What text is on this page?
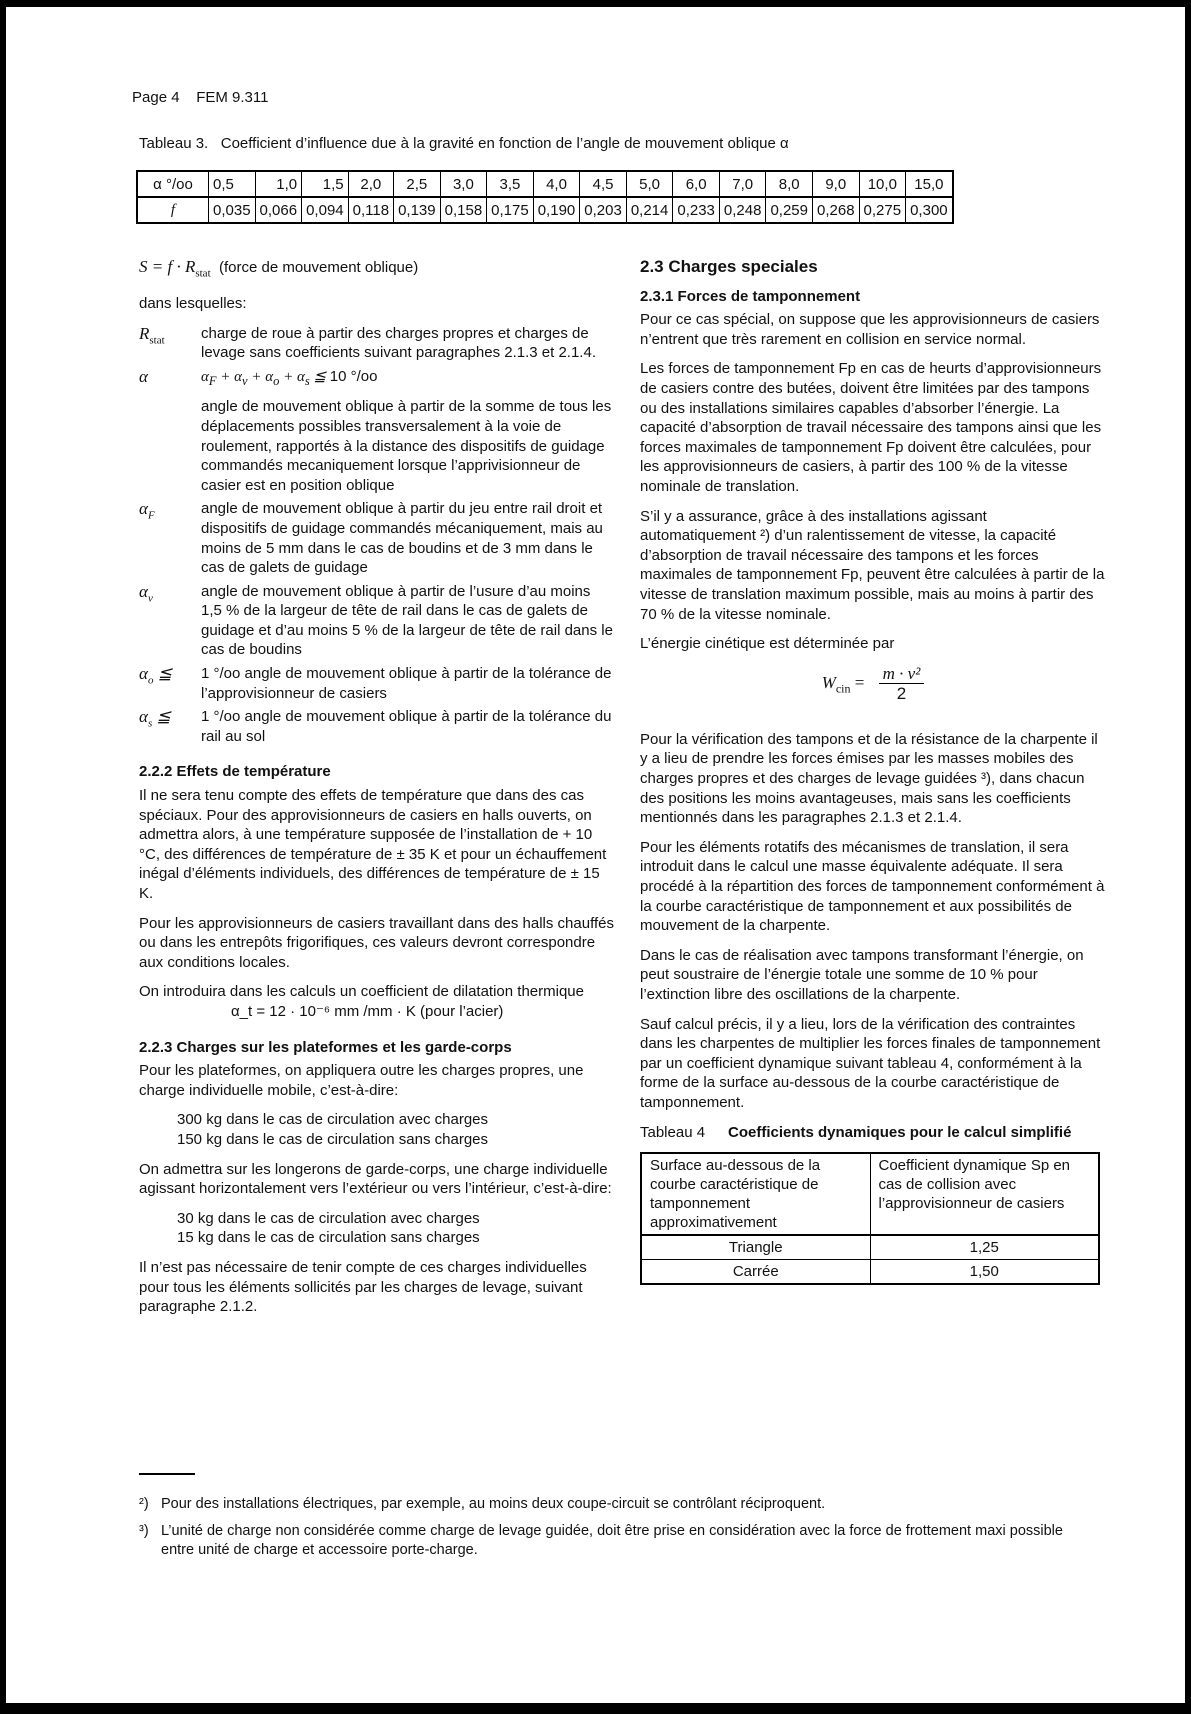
Page 4 FEM 9.311
Tableau 3. Coefficient d’influence due à la gravité en fonction de l’angle de mouvement oblique α
α °/oo	0,5	1,0	1,5	2,0	2,5	3,0	3,5	4,0	4,5	5,0	6,0	7,0	8,0	9,0	10,0	15,0
f	0,035	0,066	0,094	0,118	0,139	0,158	0,175	0,190	0,203	0,214	0,233	0,248	0,259	0,268	0,275	0,300

$S = f \cdot R_{stat}$ (force de mouvement oblique)

dans lesquelles:

$R_{stat}$	charge de roue à partir des charges propres et charges de levage sans coefficients suivant paragraphes 2.1.3 et 2.1.4.
α	$\alpha_F + \alpha_v + \alpha_o + \alpha_s$ ≦ 10 °/oo
angle de mouvement oblique à partir de la somme de tous les déplacements possibles transversalement à la voie de roulement, rapportés à la distance des dispositifs de guidage commandés mecaniquement lorsque l’apprivisionneur de casier est en position oblique
$\alpha_F$	angle de mouvement oblique à partir du jeu entre rail droit et dispositifs de guidage commandés mécaniquement, mais au moins de 5 mm dans le cas de boudins et de 3 mm dans le cas de galets de guidage
$\alpha_v$	angle de mouvement oblique à partir de l’usure d’au moins 1,5 % de la largeur de tête de rail dans le cas de galets de guidage et d’au moins 5 % de la largeur de tête de rail dans le cas de boudins
$\alpha_o$ ≦	1 °/oo angle de mouvement oblique à partir de la tolérance de l’approvisionneur de casiers
$\alpha_s$ ≦	1 °/oo angle de mouvement oblique à partir de la tolérance du rail au sol
2.2.2 Effets de température

Il ne sera tenu compte des effets de température que dans des cas spéciaux. Pour des approvisionneurs de casiers en halls ouverts, on admettra alors, à une température supposée de l’installation de + 10 °C, des différences de température de ± 35 K et pour un échauffement inégal d’éléments individuels, des différences de température de ± 15 K.

Pour les approvisionneurs de casiers travaillant dans des halls chauffés ou dans les entrepôts frigorifiques, ces valeurs devront correspondre aux conditions locales.

On introduira dans les calculs un coefficient de dilatation thermique

α_t = 12 · 10⁻⁶ mm /mm · K (pour l’acier)

2.2.3 Charges sur les plateformes et les garde-corps

Pour les plateformes, on appliquera outre les charges propres, une charge individuelle mobile, c’est-à-dire:

300 kg dans le cas de circulation avec charges
150 kg dans le cas de circulation sans charges

On admettra sur les longerons de garde-corps, une charge individuelle agissant horizontalement vers l’extérieur ou vers l’intérieur, c’est-à-dire:

30 kg dans le cas de circulation avec charges
15 kg dans le cas de circulation sans charges

Il n’est pas nécessaire de tenir compte de ces charges individuelles pour tous les éléments sollicités par les charges de levage, suivant paragraphe 2.1.2.

2.3 Charges speciales
2.3.1 Forces de tamponnement

Pour ce cas spécial, on suppose que les approvisionneurs de casiers n’entrent que très rarement en collision en service normal.

Les forces de tamponnement Fp en cas de heurts d’approvisionneurs de casiers contre des butées, doivent être limitées par des tampons ou des installations similaires capables d’absorber l’énergie. La capacité d’absorption de travail nécessaire des tampons ainsi que les forces maximales de tamponnement Fp doivent être calculées, pour les approvisionneurs de casiers, à partir des 100 % de la vitesse nominale de translation.

S’il y a assurance, grâce à des installations agissant automatiquement ²) d’un ralentissement de vitesse, la capacité d’absorption de travail nécessaire des tampons et les forces maximales de tamponnement Fp, peuvent être calculées à partir de la vitesse de translation maximum possible, mais au moins à partir des 70 % de la vitesse nominale.

L’énergie cinétique est déterminée par

$W_{cin} = \frac{\text{m · v²}}{2}$

Pour la vérification des tampons et de la résistance de la charpente il y a lieu de prendre les forces émises par les masses mobiles des charges propres et des charges de levage guidées ³), dans chacun des positions les moins avantageuses, mais sans les coefficients mentionnés dans les paragraphes 2.1.3 et 2.1.4.

Pour les éléments rotatifs des mécanismes de translation, il sera introduit dans le calcul une masse équivalente adéquate. Il sera procédé à la répartition des forces de tamponnement conformément à la courbe caractéristique de tamponnement et aux possibilités de mouvement de la charpente.

Dans le cas de réalisation avec tampons transformant l’énergie, on peut soustraire de l’énergie totale une somme de 10 % pour l’extinction libre des oscillations de la charpente.

Sauf calcul précis, il y a lieu, lors de la vérification des contraintes dans les charpentes de multiplier les forces finales de tamponnement par un coefficient dynamique suivant tableau 4, conformément à la forme de la surface au-dessous de la courbe caractéristique de tamponnement.

Tableau 4	Coefficients dynamiques pour le calcul simplifié
Surface au-dessous de la courbe caractéristique de tamponnement approximativement	Coefficient dynamique Sp en cas de collision avec l’approvisionneur de casiers
Triangle	1,25
Carrée	1,50
²) Pour des installations électriques, par exemple, au moins deux coupe-circuit se contrôlant réciproquent.
³) L’unité de charge non considérée comme charge de levage guidée, doit être prise en considération avec la force de frottement maxi possible entre unité de charge et accessoire porte-charge.
